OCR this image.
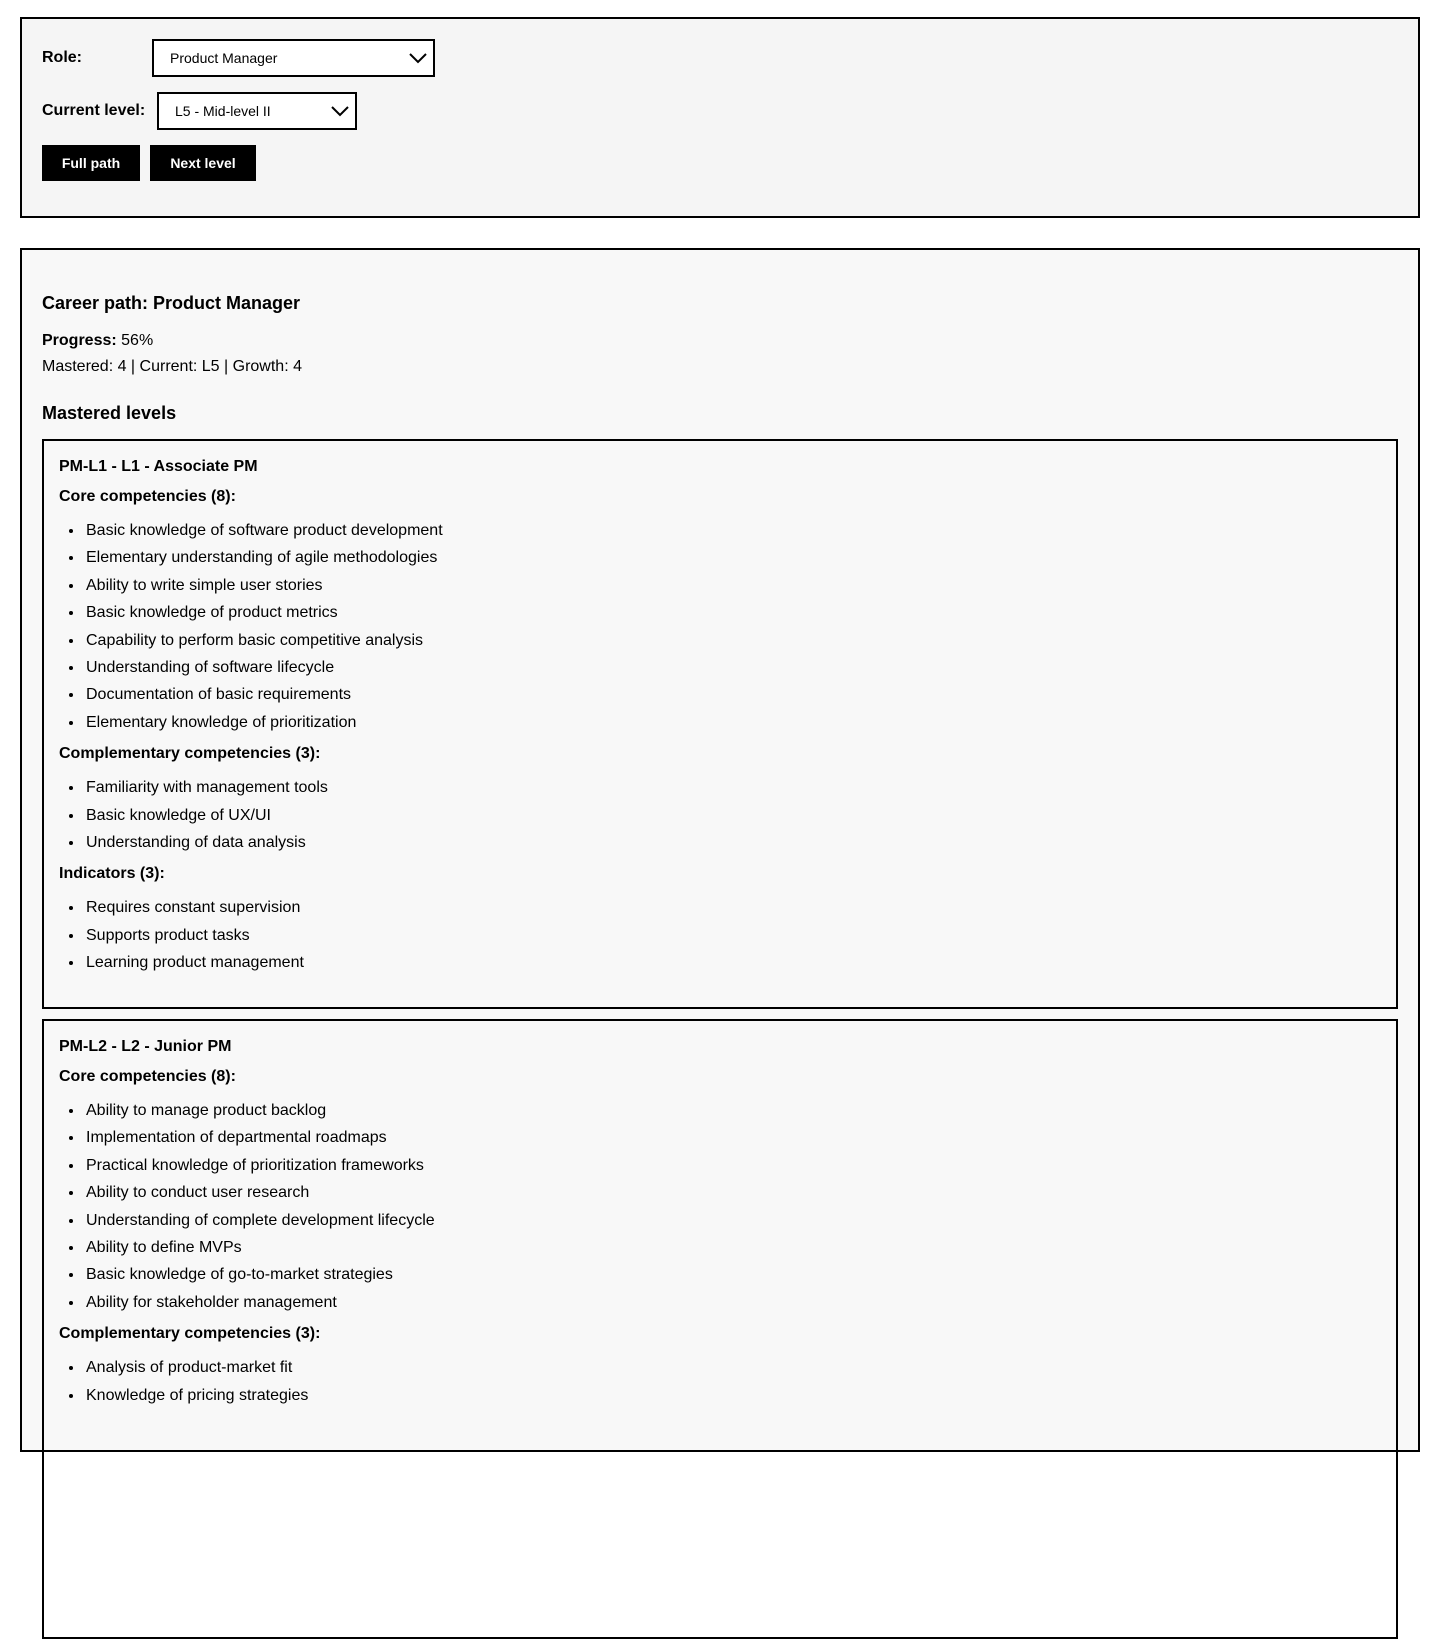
Role:	Product Manager
Current level: L5 - Mid-level II
Full path	Next level
Career path: Product Manager
Progress: 56%
Mastered: 4 | Current: L5 | Growth: 4
Mastered levels
PM-L1 - L1 - Associate PM
Core competencies (8):
• Basic knowledge of software product development
• Elementary understanding of agile methodologies
• Ability to write simple user stories
• Basic knowledge of product metrics
• Capability to perform basic competitive analysis
• Understanding of software lifecycle
• Documentation of basic requirements
• Elementary knowledge of prioritization
Complementary competencies (3):
• Familiarity with management tools
• Basic knowledge of UX/UI
• Understanding of data analysis
Indicators (3):
• Requires constant supervision
• Supports product tasks
• Learning product management
PM-L2 - L2 - Junior PM
Core competencies (8):
• Ability to manage product backlog
• Implementation of departmental roadmaps
• Practical knowledge of prioritization frameworks
• Ability to conduct user research
• Understanding of complete development lifecycle
• Ability to define MVPs
• Basic knowledge of go-to-market strategies
• Ability for stakeholder management
Complementary competencies (3):
• Analysis of product-market fit
• Knowledge of pricing strategies
